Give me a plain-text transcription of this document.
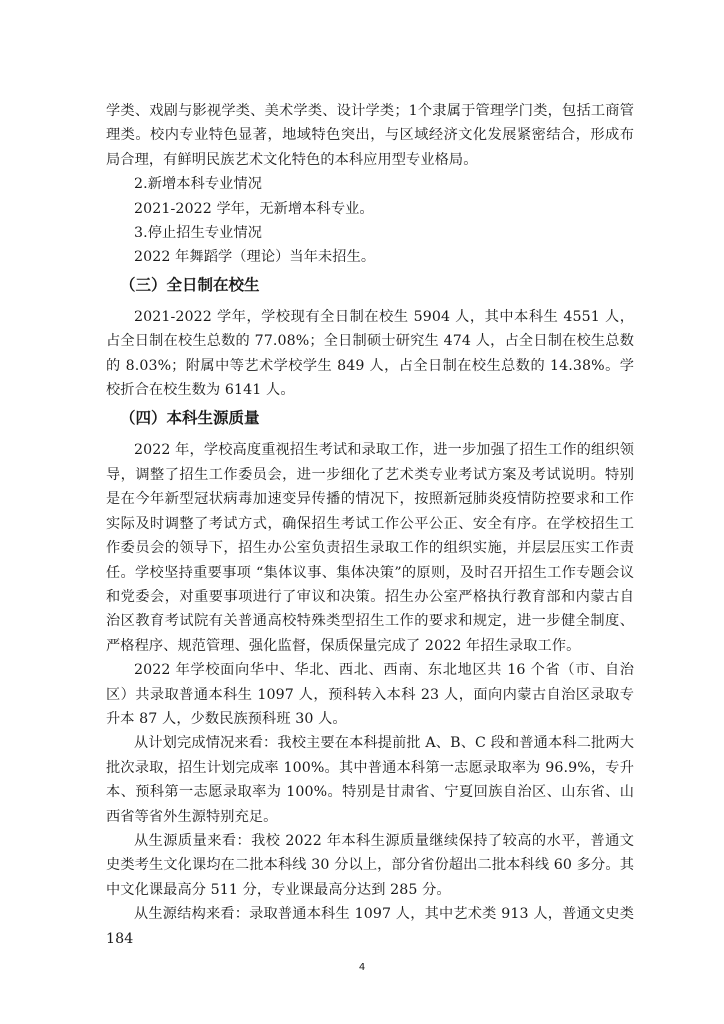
学类、戏剧与影视学类、美术学类、设计学类；1个隶属于管理学门类，包括工商管理类。校内专业特色显著，地域特色突出，与区域经济文化发展紧密结合，形成布局合理，有鲜明民族艺术文化特色的本科应用型专业格局。

2.新增本科专业情况

2021-2022 学年，无新增本科专业。

3.停止招生专业情况

2022 年舞蹈学（理论）当年未招生。

（三）全日制在校生

2021-2022 学年，学校现有全日制在校生 5904 人，其中本科生 4551 人，占全日制在校生总数的 77.08%；全日制硕士研究生 474 人，占全日制在校生总数的 8.03%；附属中等艺术学校学生 849 人，占全日制在校生总数的 14.38%。学校折合在校生数为 6141 人。

（四）本科生源质量

2022 年，学校高度重视招生考试和录取工作，进一步加强了招生工作的组织领导，调整了招生工作委员会，进一步细化了艺术类专业考试方案及考试说明。特别是在今年新型冠状病毒加速变异传播的情况下，按照新冠肺炎疫情防控要求和工作实际及时调整了考试方式，确保招生考试工作公平公正、安全有序。在学校招生工作委员会的领导下，招生办公室负责招生录取工作的组织实施，并层层压实工作责任。学校坚持重要事项 “集体议事、集体决策”的原则，及时召开招生工作专题会议和党委会，对重要事项进行了审议和决策。招生办公室严格执行教育部和内蒙古自治区教育考试院有关普通高校特殊类型招生工作的要求和规定，进一步健全制度、严格程序、规范管理、强化监督，保质保量完成了 2022 年招生录取工作。

2022 年学校面向华中、华北、西北、西南、东北地区共 16 个省（市、自治区）共录取普通本科生 1097 人，预科转入本科 23 人，面向内蒙古自治区录取专升本 87 人，少数民族预科班 30 人。

从计划完成情况来看：我校主要在本科提前批 A、B、C 段和普通本科二批两大批次录取，招生计划完成率 100%。其中普通本科第一志愿录取率为 96.9%，专升本、预科第一志愿录取率为 100%。特别是甘肃省、宁夏回族自治区、山东省、山西省等省外生源特别充足。

从生源质量来看：我校 2022 年本科生源质量继续保持了较高的水平，普通文史类考生文化课均在二批本科线 30 分以上，部分省份超出二批本科线 60 多分。其中文化课最高分 511 分，专业课最高分达到 285 分。

从生源结构来看：录取普通本科生 1097 人，其中艺术类 913 人，普通文史类 184

4
